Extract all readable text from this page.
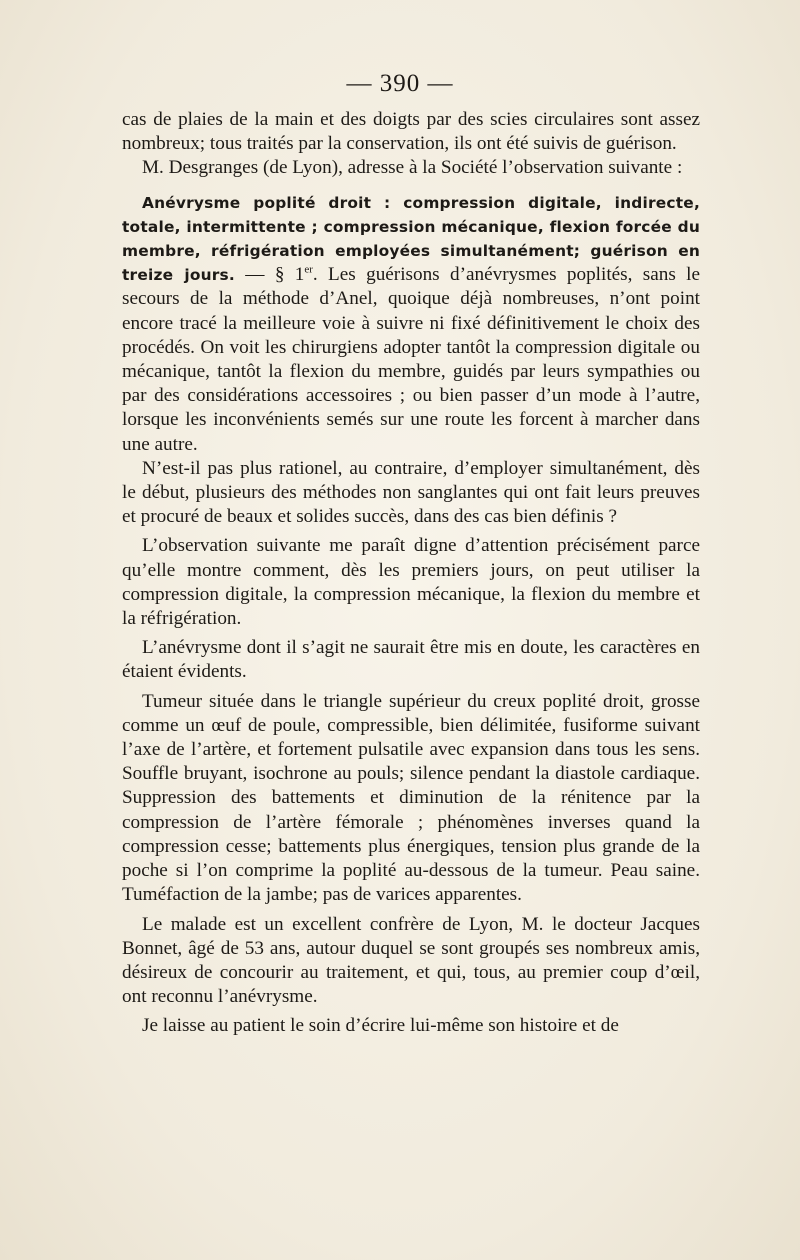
— 390 —

cas de plaies de la main et des doigts par des scies circulaires sont assez nombreux; tous traités par la conservation, ils ont été suivis de guérison.

M. Desgranges (de Lyon), adresse à la Société l’observation suivante :

Anévrysme poplité droit : compression digitale, indirecte, totale, intermittente ; compression mécanique, flexion forcée du membre, réfrigération employées simultanément; guérison en treize jours. — § 1er. Les guérisons d’anévrysmes poplités, sans le secours de la méthode d’Anel, quoique déjà nombreuses, n’ont point encore tracé la meilleure voie à suivre ni fixé définitivement le choix des procédés. On voit les chirurgiens adopter tantôt la compression digitale ou mécanique, tantôt la flexion du membre, guidés par leurs sympathies ou par des considérations accessoires ; ou bien passer d’un mode à l’autre, lorsque les inconvénients semés sur une route les forcent à marcher dans une autre.

N’est-il pas plus rationel, au contraire, d’employer simultanément, dès le début, plusieurs des méthodes non sanglantes qui ont fait leurs preuves et procuré de beaux et solides succès, dans des cas bien définis ?

L’observation suivante me paraît digne d’attention précisément parce qu’elle montre comment, dès les premiers jours, on peut utiliser la compression digitale, la compression mécanique, la flexion du membre et la réfrigération.

L’anévrysme dont il s’agit ne saurait être mis en doute, les caractères en étaient évidents.

Tumeur située dans le triangle supérieur du creux poplité droit, grosse comme un œuf de poule, compressible, bien délimitée, fusiforme suivant l’axe de l’artère, et fortement pulsatile avec expansion dans tous les sens. Souffle bruyant, isochrone au pouls; silence pendant la diastole cardiaque. Suppression des battements et diminution de la rénitence par la compression de l’artère fémorale ; phénomènes inverses quand la compression cesse; battements plus énergiques, tension plus grande de la poche si l’on comprime la poplité au-dessous de la tumeur. Peau saine. Tuméfaction de la jambe; pas de varices apparentes.

Le malade est un excellent confrère de Lyon, M. le docteur Jacques Bonnet, âgé de 53 ans, autour duquel se sont groupés ses nombreux amis, désireux de concourir au traitement, et qui, tous, au premier coup d’œil, ont reconnu l’anévrysme.

Je laisse au patient le soin d’écrire lui-même son histoire et de
